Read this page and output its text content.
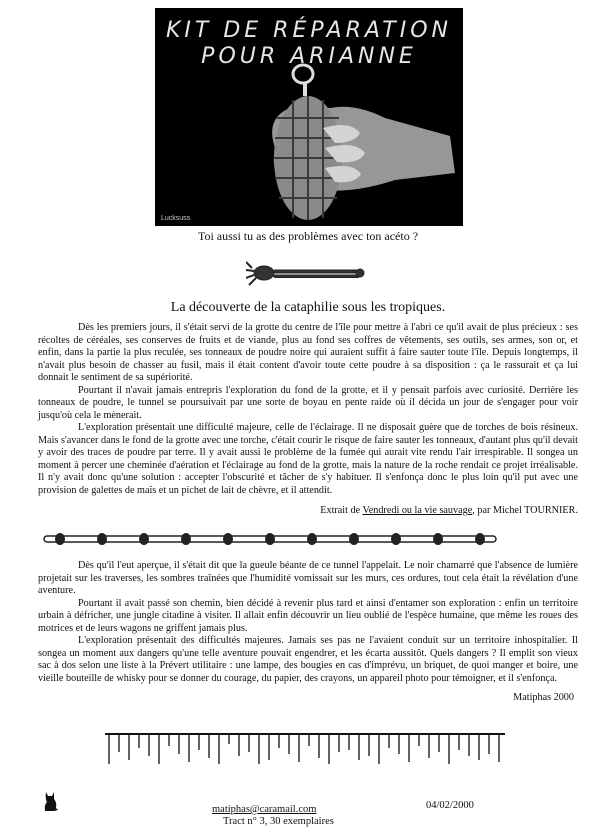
KIT DE RÉPARATION
POUR ARIANNE
Lucksuss
Toi aussi tu as des problèmes avec ton acéto ?
La découverte de la cataphilie sous les tropiques.

Dès les premiers jours, il s'était servi de la grotte du centre de l'île pour mettre à l'abri ce qu'il avait de plus précieux : ses récoltes de céréales, ses conserves de fruits et de viande, plus au fond ses coffres de vêtements, ses outils, ses armes, son or, et enfin, dans la partie la plus reculée, ses tonneaux de poudre noire qui auraient suffit à faire sauter toute l'île. Depuis longtemps, il n'avait plus besoin de chasser au fusil, mais il était content d'avoir toute cette poudre à sa disposition : ça le rassurait et ça lui donnait le sentiment de sa supériorité.

Pourtant il n'avait jamais entrepris l'exploration du fond de la grotte, et il y pensait parfois avec curiosité. Derrière les tonneaux de poudre, le tunnel se poursuivait par une sorte de boyau en pente raide où il décida un jour de s'engager pour voir jusqu'où cela le mènerait.

L'exploration présentait une difficulté majeure, celle de l'éclairage. Il ne disposait guère que de torches de bois résineux. Mais s'avancer dans le fond de la grotte avec une torche, c'était courir le risque de faire sauter les tonneaux, d'autant plus qu'il devait y avoir des traces de poudre par terre. Il y avait aussi le problème de la fumée qui aurait vite rendu l'air irrespirable. Il songea un moment à percer une cheminée d'aération et l'éclairage au fond de la grotte, mais la nature de la roche rendait ce projet irréalisable. Il n'y avait donc qu'une solution : accepter l'obscurité et tâcher de s'y habituer. Il s'enfonça donc le plus loin qu'il put avec une provision de galettes de maïs et un pichet de lait de chèvre, et il attendit.

Extrait de Vendredi ou la vie sauvage, par Michel TOURNIER.

Dès qu'il l'eut aperçue, il s'était dit que la gueule béante de ce tunnel l'appelait. Le noir chamarré que l'absence de lumière projetait sur les traverses, les sombres traînées que l'humidité vomissait sur les murs, ces ordures, tout cela était la révélation d'une aventure.

Pourtant il avait passé son chemin, bien décidé à revenir plus tard et ainsi d'entamer son exploration : enfin un territoire urbain à défricher, une jungle citadine à visiter. Il allait enfin découvrir un lieu oublié de l'espèce humaine, que même les roues des motrices et de leurs wagons ne griffent jamais plus.

L'exploration présentait des difficultés majeures. Jamais ses pas ne l'avaient conduit sur un territoire inhospitalier. Il songea un moment aux dangers qu'une telle aventure pouvait engendrer, et les écarta aussitôt. Quels dangers ? Il emplit son vieux sac à dos selon une liste à la Prévert utilitaire : une lampe, des bougies en cas d'imprévu, un briquet, de quoi manger et boire, une vieille bouteille de whisky pour se donner du courage, du papier, des crayons, un appareil photo pour témoigner, et il s'enfonça.

Matiphas 2000
matiphas@caramail.com	04/02/2000
Tract n° 3, 30 exemplaires
